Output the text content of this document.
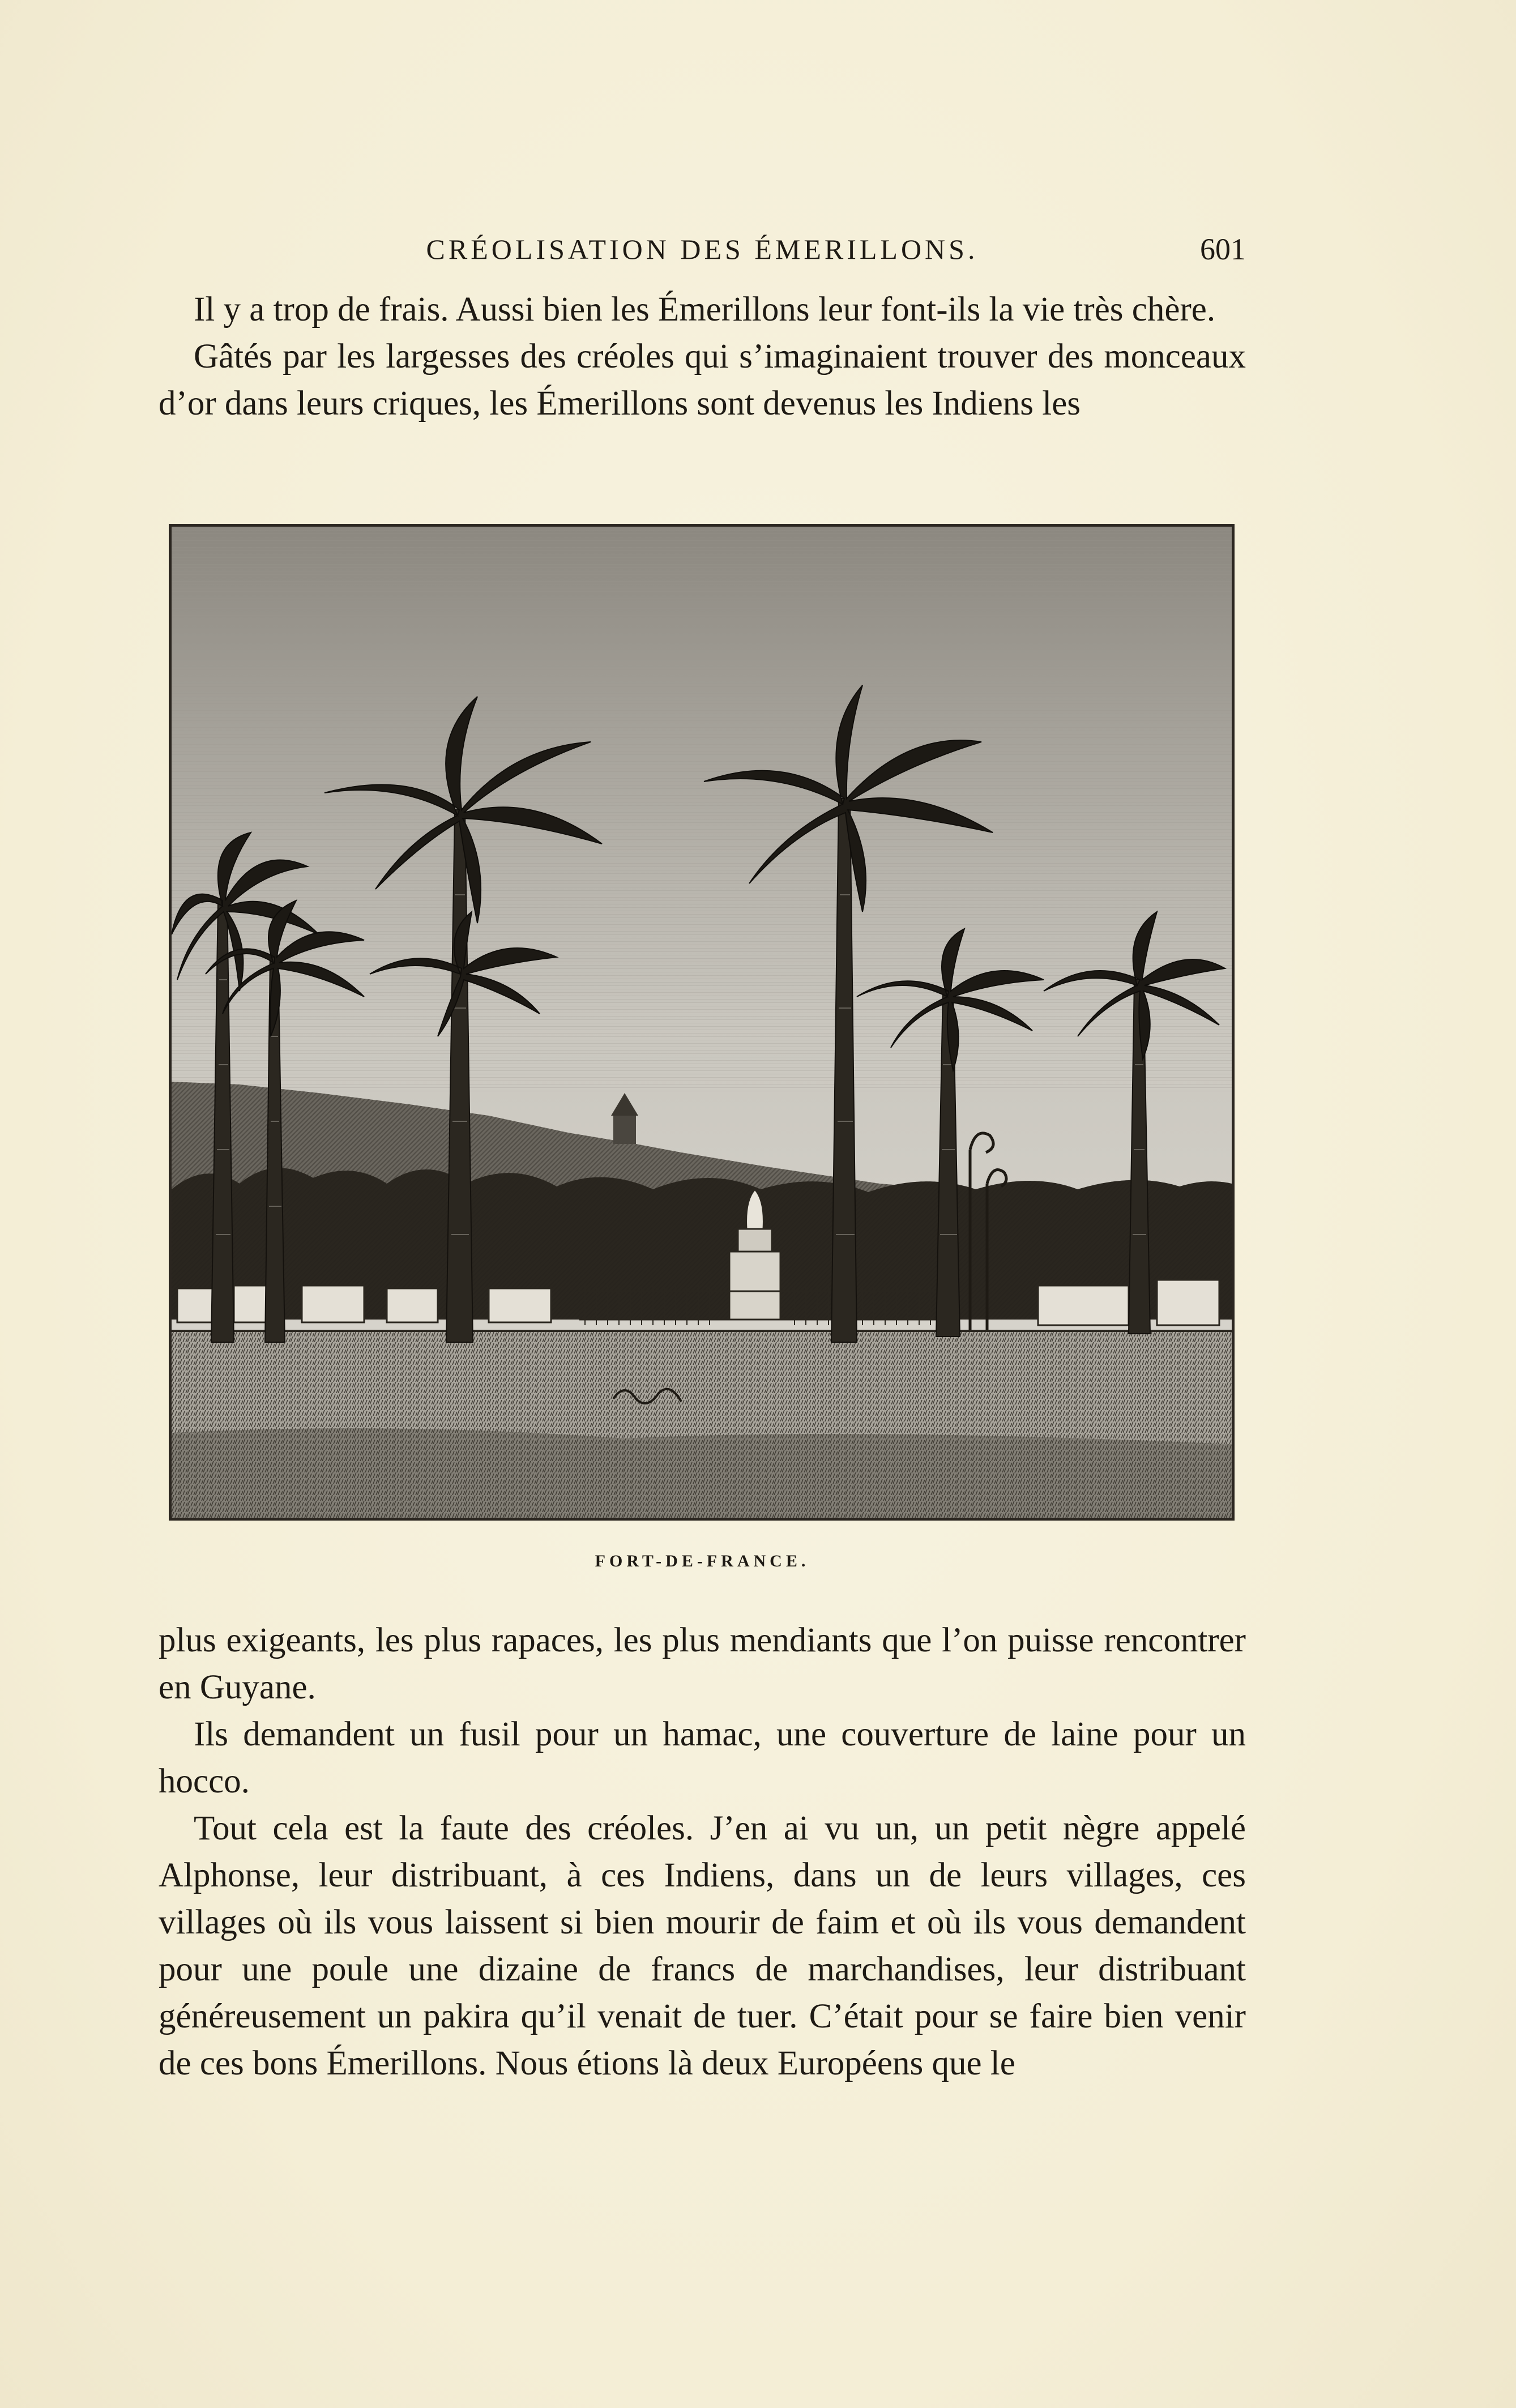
CRÉOLISATION DES ÉMERILLONS.	601

Il y a trop de frais. Aussi bien les Émerillons leur font-ils la vie très chère.

Gâtés par les largesses des créoles qui s’imaginaient trouver des monceaux d’or dans leurs criques, les Émerillons sont devenus les Indiens les

FORT-DE-FRANCE.

plus exigeants, les plus rapaces, les plus mendiants que l’on puisse rencontrer en Guyane.

Ils demandent un fusil pour un hamac, une couverture de laine pour un hocco.

Tout cela est la faute des créoles. J’en ai vu un, un petit nègre appelé Alphonse, leur distribuant, à ces Indiens, dans un de leurs villages, ces villages où ils vous laissent si bien mourir de faim et où ils vous demandent pour une poule une dizaine de francs de marchandises, leur distribuant généreusement un pakira qu’il venait de tuer. C’était pour se faire bien venir de ces bons Émerillons. Nous étions là deux Européens que le
